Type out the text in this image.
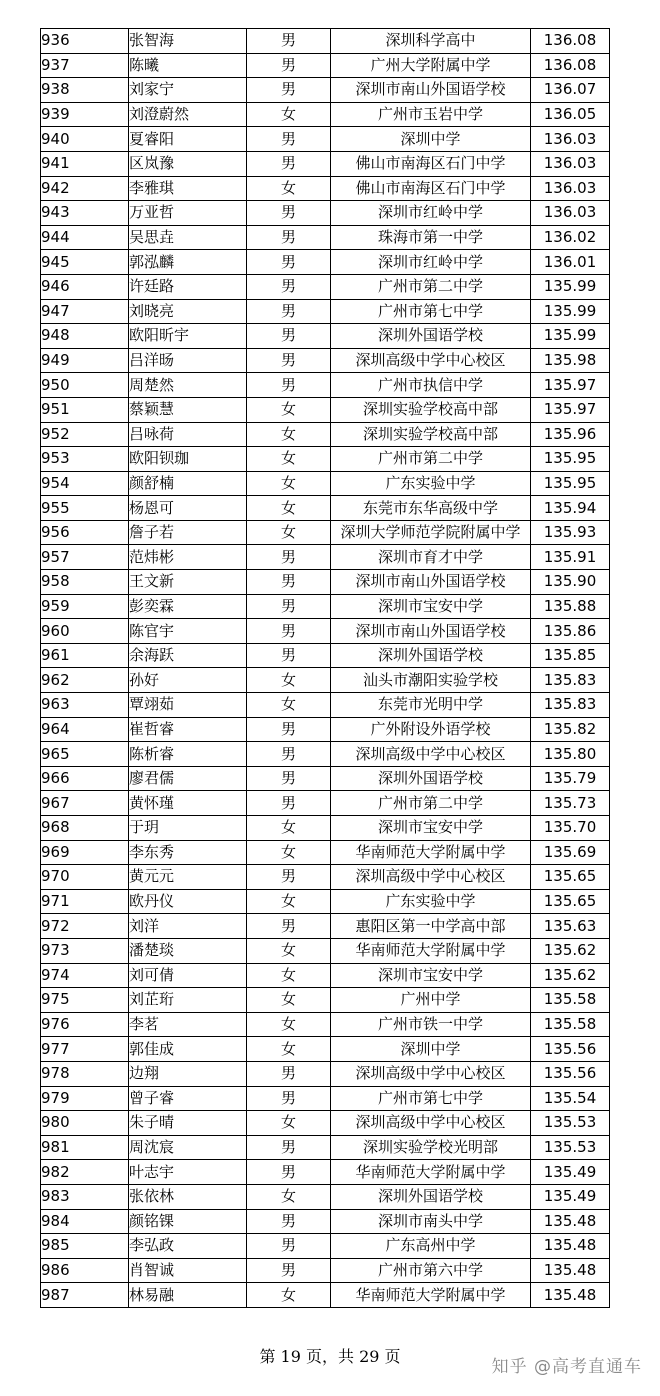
936	张智海	男	深圳科学高中	136.08
937	陈曦	男	广州大学附属中学	136.08
938	刘家宁	男	深圳市南山外国语学校	136.07
939	刘澄蔚然	女	广州市玉岩中学	136.05
940	夏睿阳	男	深圳中学	136.03
941	区岚豫	男	佛山市南海区石门中学	136.03
942	李雅琪	女	佛山市南海区石门中学	136.03
943	万亚哲	男	深圳市红岭中学	136.03
944	吴思垚	男	珠海市第一中学	136.02
945	郭泓麟	男	深圳市红岭中学	136.01
946	许廷路	男	广州市第二中学	135.99
947	刘晓亮	男	广州市第七中学	135.99
948	欧阳昕宇	男	深圳外国语学校	135.99
949	吕洋旸	男	深圳高级中学中心校区	135.98
950	周楚然	男	广州市执信中学	135.97
951	蔡颖慧	女	深圳实验学校高中部	135.97
952	吕咏荷	女	深圳实验学校高中部	135.96
953	欧阳钡珈	女	广州市第二中学	135.95
954	颜舒楠	女	广东实验中学	135.95
955	杨恩可	女	东莞市东华高级中学	135.94
956	詹子若	女	深圳大学师范学院附属中学	135.93
957	范炜彬	男	深圳市育才中学	135.91
958	王文新	男	深圳市南山外国语学校	135.90
959	彭奕霖	男	深圳市宝安中学	135.88
960	陈官宇	男	深圳市南山外国语学校	135.86
961	余海跃	男	深圳外国语学校	135.85
962	孙好	女	汕头市潮阳实验学校	135.83
963	覃翊茹	女	东莞市光明中学	135.83
964	崔哲睿	男	广外附设外语学校	135.82
965	陈析睿	男	深圳高级中学中心校区	135.80
966	廖君儒	男	深圳外国语学校	135.79
967	黄怀瑾	男	广州市第二中学	135.73
968	于玥	女	深圳市宝安中学	135.70
969	李东秀	女	华南师范大学附属中学	135.69
970	黄元元	男	深圳高级中学中心校区	135.65
971	欧丹仪	女	广东实验中学	135.65
972	刘洋	男	惠阳区第一中学高中部	135.63
973	潘楚琰	女	华南师范大学附属中学	135.62
974	刘可倩	女	深圳市宝安中学	135.62
975	刘芷珩	女	广州中学	135.58
976	李茗	女	广州市铁一中学	135.58
977	郭佳成	女	深圳中学	135.56
978	边翔	男	深圳高级中学中心校区	135.56
979	曾子睿	男	广州市第七中学	135.54
980	朱子晴	女	深圳高级中学中心校区	135.53
981	周沈宸	男	深圳实验学校光明部	135.53
982	叶志宇	男	华南师范大学附属中学	135.49
983	张依林	女	深圳外国语学校	135.49
984	颜铭锞	男	深圳市南头中学	135.48
985	李弘政	男	广东高州中学	135.48
986	肖智诚	男	广州市第六中学	135.48
987	林易融	女	华南师范大学附属中学	135.48
第 19 页，共 29 页
知乎 @高考直通车
